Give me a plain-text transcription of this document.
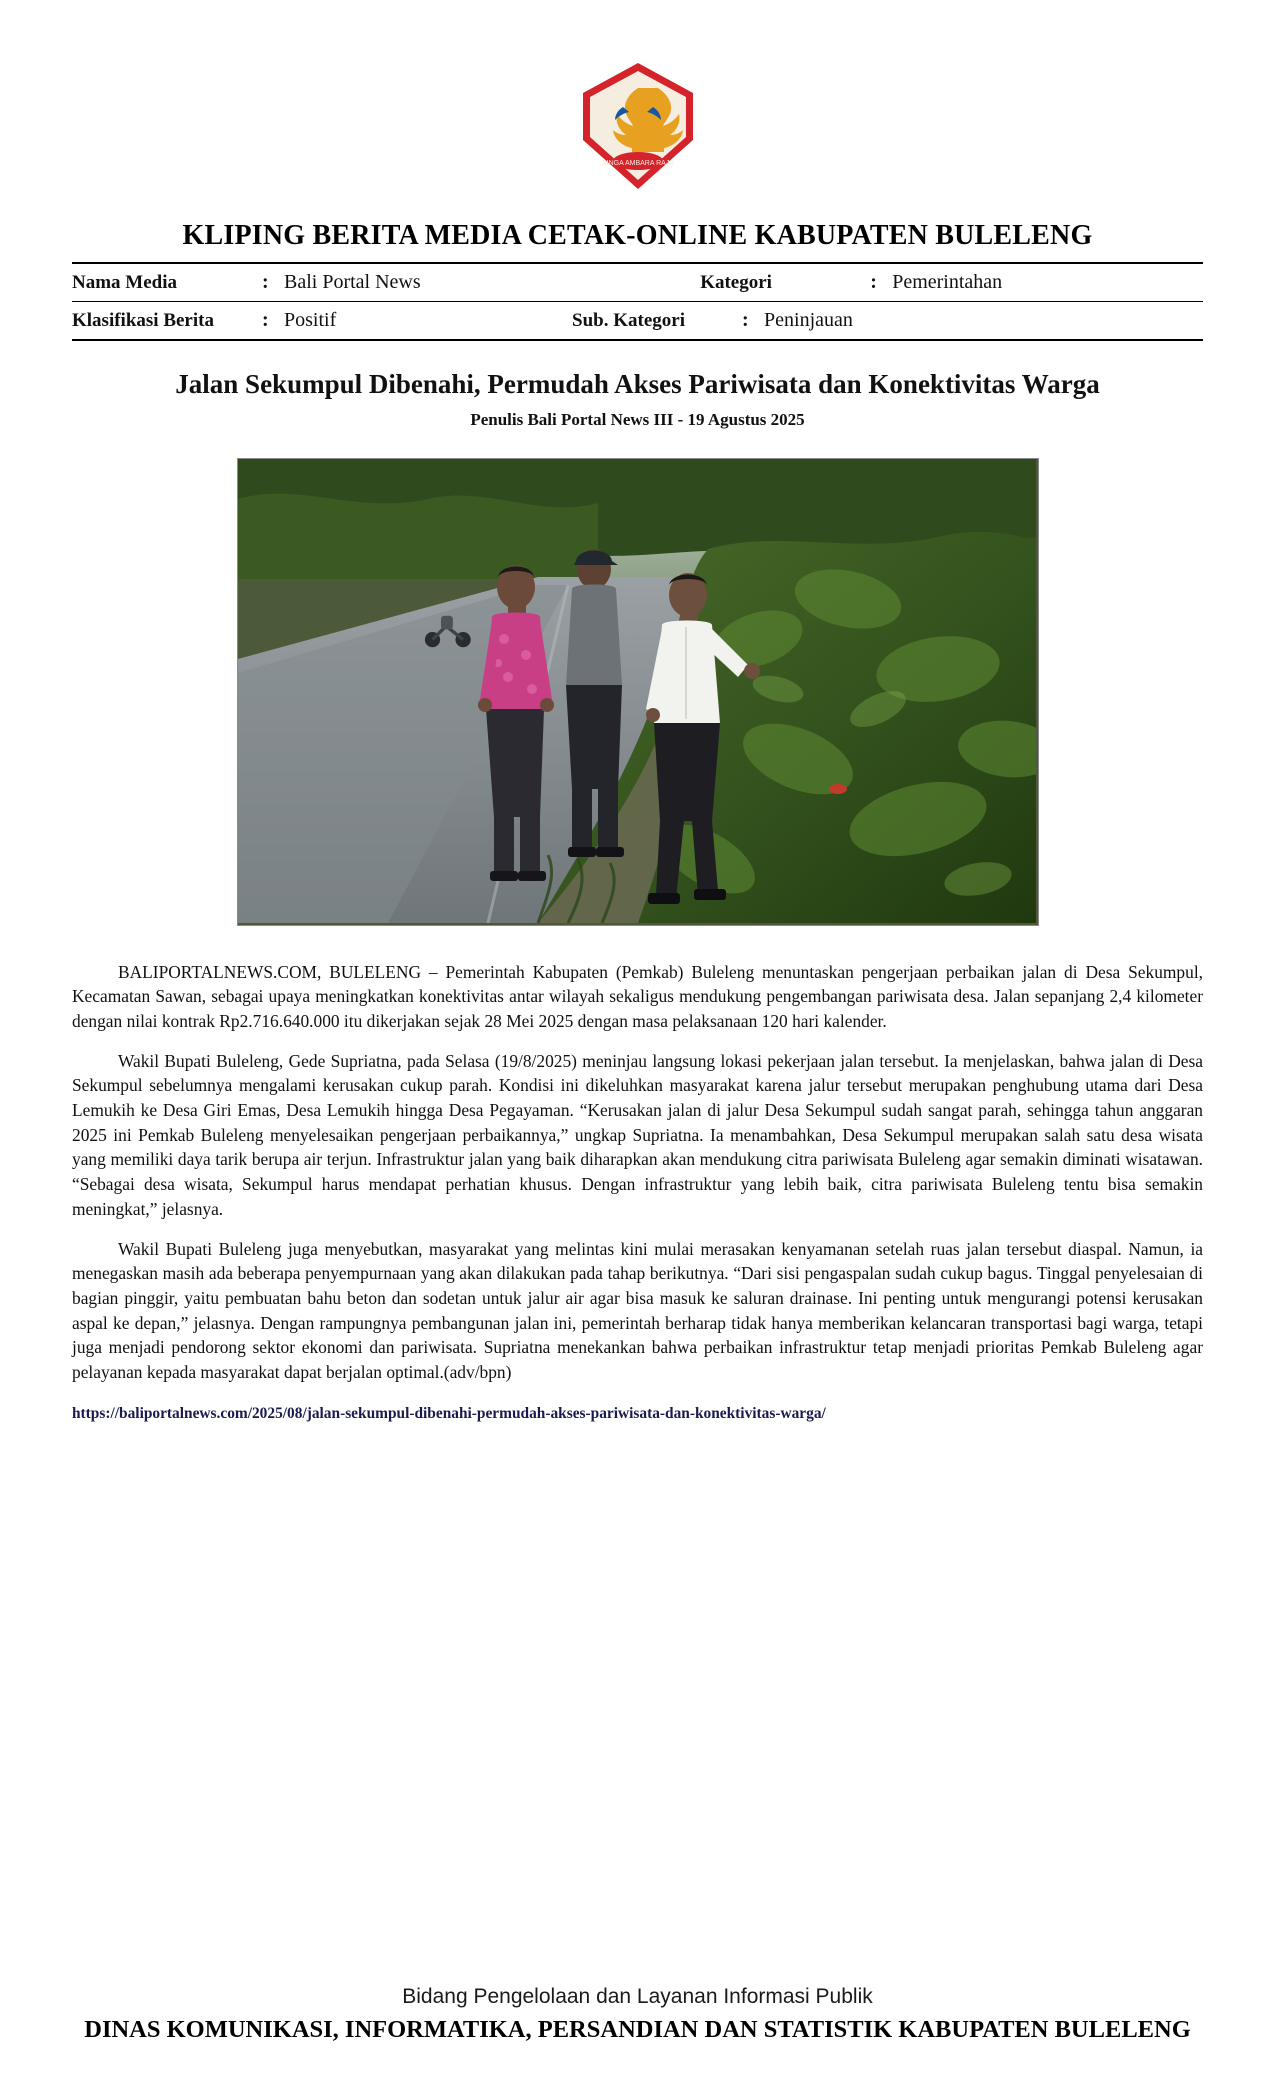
SINGA AMBARA RAJA
KLIPING BERITA MEDIA CETAK-ONLINE KABUPATEN BULELENG
Nama Media	:	Bali Portal News	Kategori	:	Pemerintahan
Klasifikasi Berita	:	Positif	Sub. Kategori	:	Peninjauan
Jalan Sekumpul Dibenahi, Permudah Akses Pariwisata dan Konektivitas Warga
Penulis Bali Portal News III - 19 Agustus 2025

BALIPORTALNEWS.COM, BULELENG – Pemerintah Kabupaten (Pemkab) Buleleng menuntaskan pengerjaan perbaikan jalan di Desa Sekumpul, Kecamatan Sawan, sebagai upaya meningkatkan konektivitas antar wilayah sekaligus mendukung pengembangan pariwisata desa. Jalan sepanjang 2,4 kilometer dengan nilai kontrak Rp2.716.640.000 itu dikerjakan sejak 28 Mei 2025 dengan masa pelaksanaan 120 hari kalender.

Wakil Bupati Buleleng, Gede Supriatna, pada Selasa (19/8/2025) meninjau langsung lokasi pekerjaan jalan tersebut. Ia menjelaskan, bahwa jalan di Desa Sekumpul sebelumnya mengalami kerusakan cukup parah. Kondisi ini dikeluhkan masyarakat karena jalur tersebut merupakan penghubung utama dari Desa Lemukih ke Desa Giri Emas, Desa Lemukih hingga Desa Pegayaman. “Kerusakan jalan di jalur Desa Sekumpul sudah sangat parah, sehingga tahun anggaran 2025 ini Pemkab Buleleng menyelesaikan pengerjaan perbaikannya,” ungkap Supriatna. Ia menambahkan, Desa Sekumpul merupakan salah satu desa wisata yang memiliki daya tarik berupa air terjun. Infrastruktur jalan yang baik diharapkan akan mendukung citra pariwisata Buleleng agar semakin diminati wisatawan. “Sebagai desa wisata, Sekumpul harus mendapat perhatian khusus. Dengan infrastruktur yang lebih baik, citra pariwisata Buleleng tentu bisa semakin meningkat,” jelasnya.

Wakil Bupati Buleleng juga menyebutkan, masyarakat yang melintas kini mulai merasakan kenyamanan setelah ruas jalan tersebut diaspal. Namun, ia menegaskan masih ada beberapa penyempurnaan yang akan dilakukan pada tahap berikutnya. “Dari sisi pengaspalan sudah cukup bagus. Tinggal penyelesaian di bagian pinggir, yaitu pembuatan bahu beton dan sodetan untuk jalur air agar bisa masuk ke saluran drainase. Ini penting untuk mengurangi potensi kerusakan aspal ke depan,” jelasnya. Dengan rampungnya pembangunan jalan ini, pemerintah berharap tidak hanya memberikan kelancaran transportasi bagi warga, tetapi juga menjadi pendorong sektor ekonomi dan pariwisata. Supriatna menekankan bahwa perbaikan infrastruktur tetap menjadi prioritas Pemkab Buleleng agar pelayanan kepada masyarakat dapat berjalan optimal.(adv/bpn)

https://baliportalnews.com/2025/08/jalan-sekumpul-dibenahi-permudah-akses-pariwisata-dan-konektivitas-warga/
Bidang Pengelolaan dan Layanan Informasi Publik
DINAS KOMUNIKASI, INFORMATIKA, PERSANDIAN DAN STATISTIK KABUPATEN BULELENG
